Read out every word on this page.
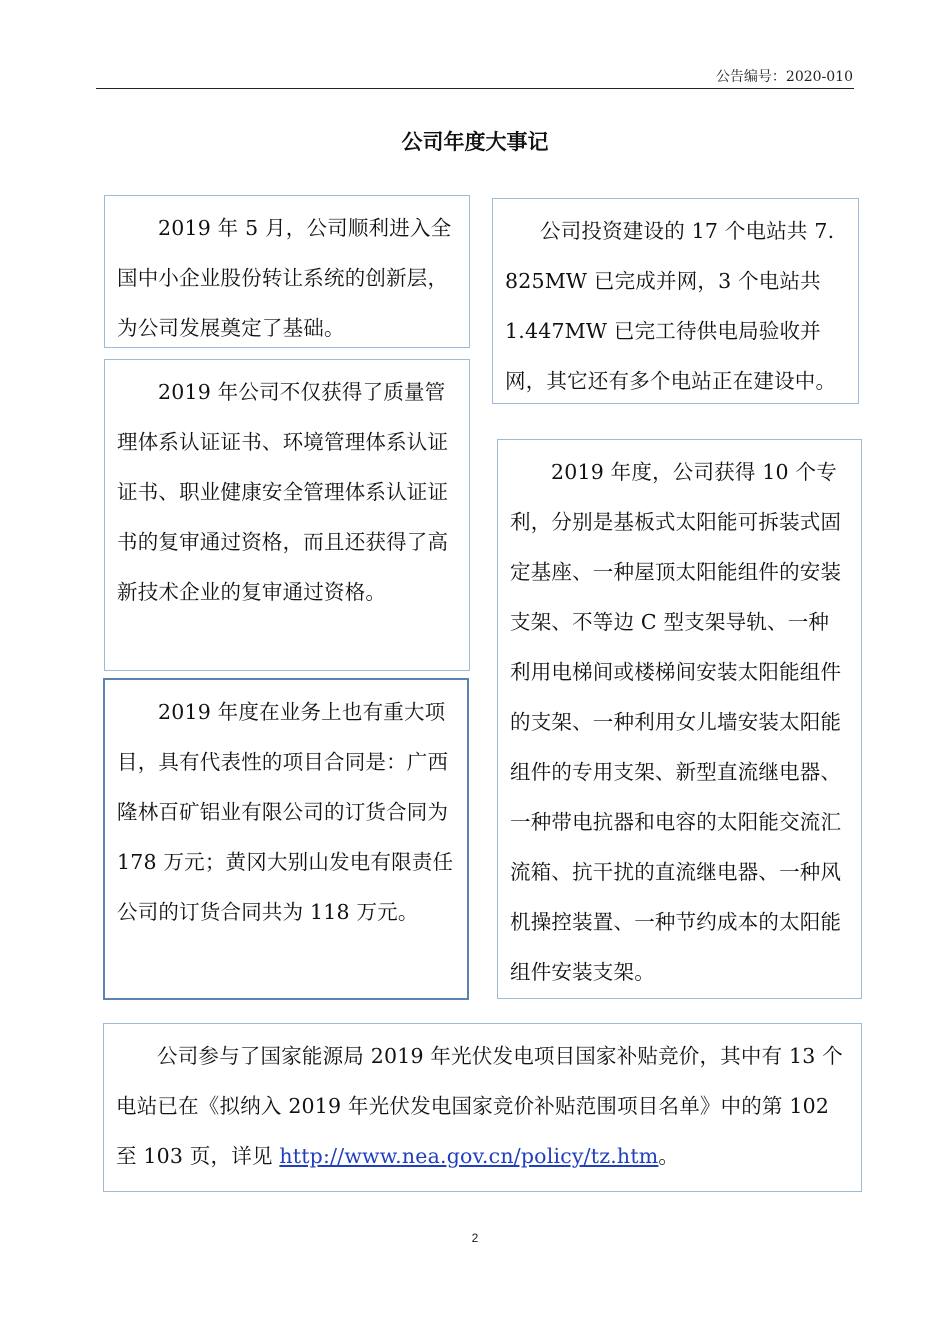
公告编号：2020-010
公司年度大事记

2019 年 5 月，公司顺利进入全国中小企业股份转让系统的创新层，为公司发展奠定了基础。

2019 年公司不仅获得了质量管理体系认证证书、环境管理体系认证证书、职业健康安全管理体系认证证书的复审通过资格，而且还获得了高新技术企业的复审通过资格。

2019 年度在业务上也有重大项目，具有代表性的项目合同是：广西隆林百矿铝业有限公司的订货合同为 178 万元；黄冈大别山发电有限责任公司的订货合同共为 118 万元。

公司投资建设的 17 个电站共 7.825MW 已完成并网，3 个电站共 1.447MW 已完工待供电局验收并网，其它还有多个电站正在建设中。

2019 年度，公司获得 10 个专利，分别是基板式太阳能可拆装式固定基座、一种屋顶太阳能组件的安装支架、不等边 C 型支架导轨、一种利用电梯间或楼梯间安装太阳能组件的支架、一种利用女儿墙安装太阳能组件的专用支架、新型直流继电器、一种带电抗器和电容的太阳能交流汇流箱、抗干扰的直流继电器、一种风机操控装置、一种节约成本的太阳能组件安装支架。

公司参与了国家能源局 2019 年光伏发电项目国家补贴竞价，其中有 13 个电站已在《拟纳入 2019 年光伏发电国家竞价补贴范围项目名单》中的第 102 至 103 页，详见 http://www.nea.gov.cn/policy/tz.htm。

2
